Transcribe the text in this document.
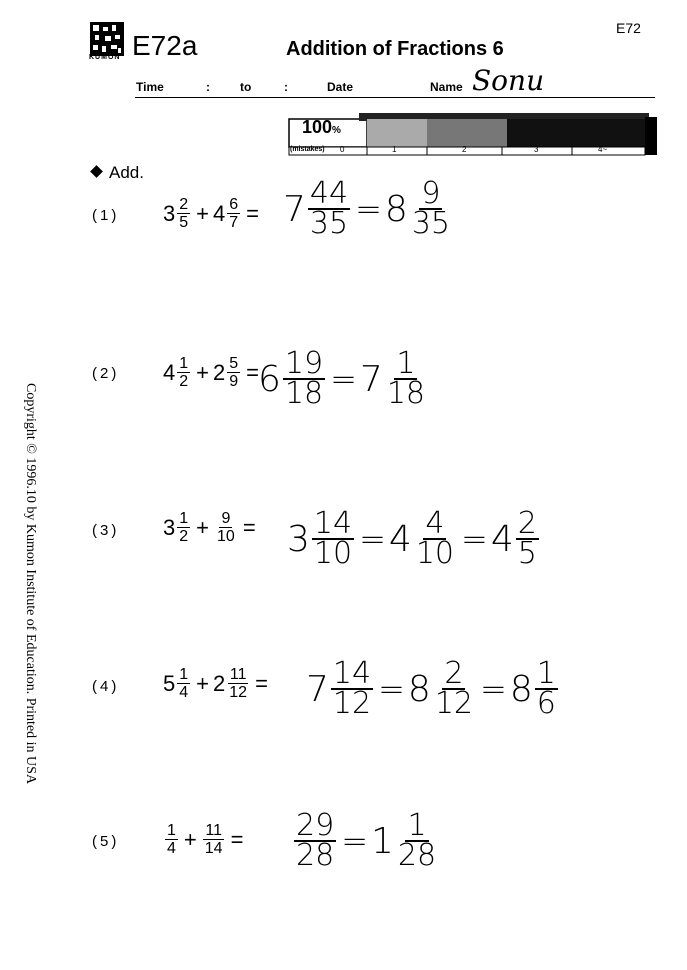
KUMON E72a	Addition of Fractions 6
E72
Time	:	to	:	Date	Name Sonu
100%
(mistakes) 0	1	2	3	4~
Add.
(1) $3 \frac{2}{5} + 4 \frac{6}{7} = 7 \frac{44}{35} = 8 \frac{9}{35}$
(2) $4 \frac{1}{2} + 2 \frac{5}{9}$ =
$6 \frac{19}{18} = 7 \frac{1}{18}$
(3) $3 \frac{1}{2} + \frac{9}{10} = 3 \frac{14}{10} = 4 \frac{4}{10} = 4 \frac{2}{5}$
(4) $5 \frac{1}{4} + 2 \frac{11}{12} = 7 \frac{14}{12} = 8 \frac{2}{12} = 8 \frac{1}{6}$
(5)	$\frac{1}{4} + \frac{11}{14} = \frac{29}{28} = 1 \frac{1}{28}$
Copyright © 1996.10 by Kumon Institute of Education. Printed in USA
